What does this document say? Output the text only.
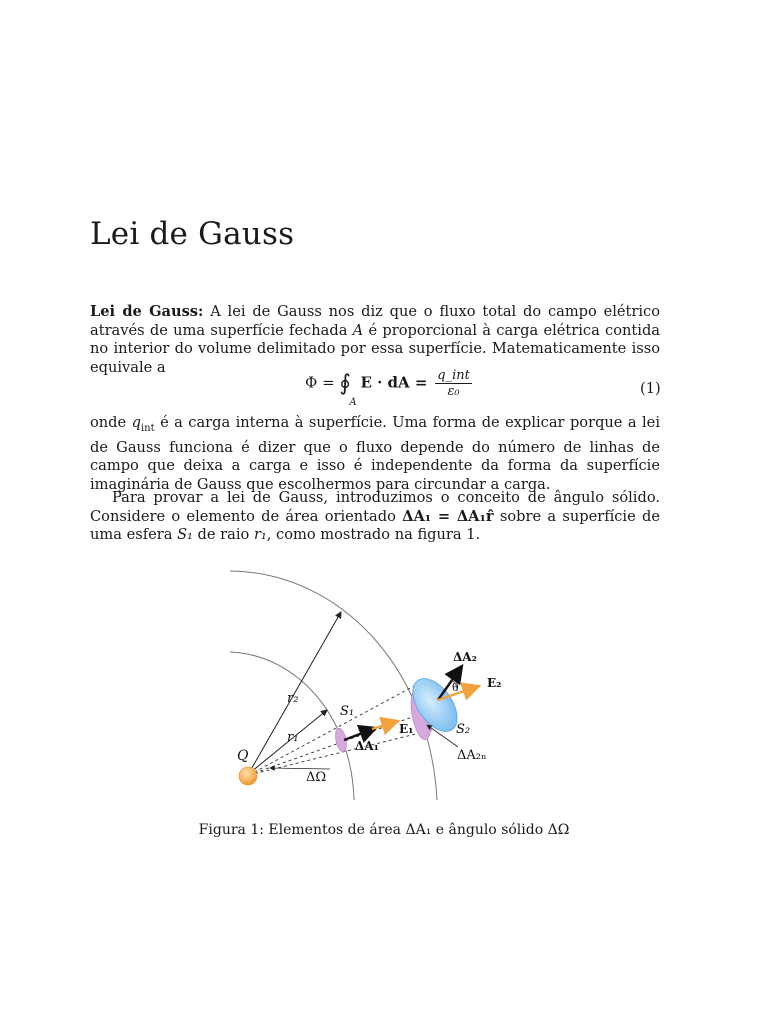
Lei de Gauss

Lei de Gauss: A lei de Gauss nos diz que o fluxo total do campo elétrico através de uma superfície fechada A é proporcional à carga elétrica contida no interior do volume delimitado por essa superfície. Matematicamente isso equivale a

Φ = ∮
A
E · dA = $\frac{\text{q\_int}}{\text{ε₀}}$	(1)

onde $q_{int}$ é a carga interna à superfície. Uma forma de explicar porque a lei de Gauss funciona é dizer que o fluxo depende do número de linhas de campo que deixa a carga e isso é independente da forma da superfície imaginária de Gauss que escolhermos para circundar a carga.

Para provar a lei de Gauss, introduzimos o conceito de ângulo sólido. Considere o elemento de área orientado ΔA₁ = ΔA₁r̂ sobre a superfície de uma esfera S₁ de raio r₁, como mostrado na figura 1.

r₂
r₁
S₁
S₂
Q
ΔΩ
ΔA₁
E₁
ΔA₂
E₂
θ
ΔA₂ₙ

Figura 1: Elementos de área ΔA₁ e ângulo sólido ΔΩ
